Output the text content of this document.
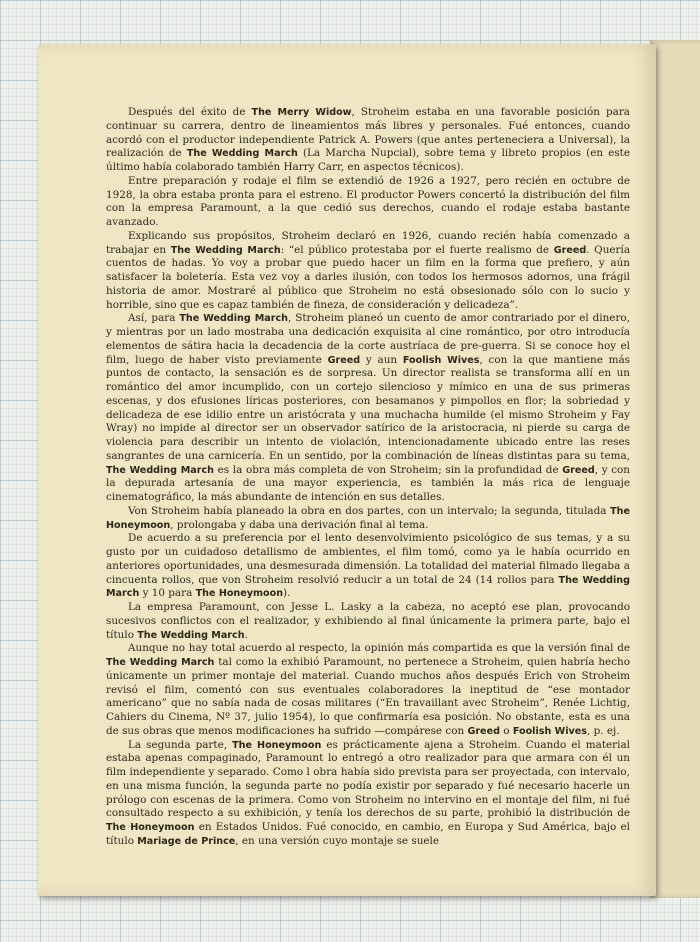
Después del éxito de The Merry Widow, Stroheim estaba en una favorable posición para continuar su carrera, dentro de lineamientos más libres y personales. Fué entonces, cuando acordó con el productor independiente Patrick A. Powers (que antes perteneciera a Universal), la realización de The Wedding March (La Marcha Nupcial), sobre tema y libreto propios (en este último había colaborado también Harry Carr, en aspectos técnicos).

Entre preparación y rodaje el film se extendió de 1926 a 1927, pero recién en octubre de 1928, la obra estaba pronta para el estreno. El productor Powers concertó la distribución del film con la empresa Paramount, a la que cedió sus derechos, cuando el rodaje estaba bastante avanzado.

Explicando sus propósitos, Stroheim declaró en 1926, cuando recién había comenzado a trabajar en The Wedding March: “el público protestaba por el fuerte realismo de Greed. Quería cuentos de hadas. Yo voy a probar que puedo hacer un film en la forma que prefiero, y aún satisfacer la boletería. Esta vez voy a darles ilusión, con todos los hermosos adornos, una frágil historia de amor. Mostraré al público que Stroheim no está obsesionado sólo con lo sucio y horrible, sino que es capaz también de fineza, de consideración y delicadeza”.

Así, para The Wedding March, Stroheim planeó un cuento de amor contrariado por el dinero, y mientras por un lado mostraba una dedicación exquisita al cine romántico, por otro introducía elementos de sátira hacia la decadencia de la corte austríaca de pre-guerra. Si se conoce hoy el film, luego de haber visto previamente Greed y aun Foolish Wives, con la que mantiene más puntos de contacto, la sensación es de sorpresa. Un director realista se transforma allí en un romántico del amor incumplido, con un cortejo silencioso y mímico en una de sus primeras escenas, y dos efusiones líricas posteriores, con besamanos y pimpollos en flor; la sobriedad y delicadeza de ese idilio entre un aristócrata y una muchacha humilde (el mismo Stroheim y Fay Wray) no impide al director ser un observador satírico de la aristocracia, ni pierde su carga de violencia para describir un intento de violación, intencionadamente ubicado entre las reses sangrantes de una carnicería. En un sentido, por la combinación de líneas distintas para su tema, The Wedding March es la obra más completa de von Stroheim; sin la profundidad de Greed, y con la depurada artesanía de una mayor experiencia, es también la más rica de lenguaje cinematográfico, la más abundante de intención en sus detalles.

Von Stroheim había planeado la obra en dos partes, con un intervalo; la segunda, titulada The Honeymoon, prolongaba y daba una derivación final al tema.

De acuerdo a su preferencia por el lento desenvolvimiento psicológico de sus temas, y a su gusto por un cuidadoso detallismo de ambientes, el film tomó, como ya le había ocurrido en anteriores oportunidades, una desmesurada dimensión. La totalidad del material filmado llegaba a cincuenta rollos, que von Stroheim resolvió reducir a un total de 24 (14 rollos para The Wedding March y 10 para The Honeymoon).

La empresa Paramount, con Jesse L. Lasky a la cabeza, no aceptó ese plan, provocando sucesivos conflictos con el realizador, y exhibiendo al final únicamente la primera parte, bajo el título The Wedding March.

Aunque no hay total acuerdo al respecto, la opinión más compartida es que la versión final de The Wedding March tal como la exhibió Paramount, no pertenece a Stroheim, quien habría hecho únicamente un primer montaje del material. Cuando muchos años después Erich von Stroheim revisó el film, comentó con sus eventuales colaboradores la ineptitud de “ese montador americano” que no sabía nada de cosas militares (“En travaillant avec Stroheim”, Renée Lichtig, Cahiers du Cinema, Nº 37, julio 1954), lo que confirmaría esa posición. No obstante, esta es una de sus obras que menos modificaciones ha sufrido —compárese con Greed o Foolish Wives, p. ej.

La segunda parte, The Honeymoon es prácticamente ajena a Stroheim. Cuando el material estaba apenas compaginado, Paramount lo entregó a otro realizador para que armara con él un film independiente y separado. Como l obra había sido prevista para ser proyectada, con intervalo, en una misma función, la segunda parte no podía existir por separado y fué necesario hacerle un prólogo con escenas de la primera. Como von Stroheim no intervino en el montaje del film, ni fué consultado respecto a su exhibición, y tenía los derechos de su parte, prohibió la distribución de The Honeymoon en Estados Unidos. Fué conocido, en cambio, en Europa y Sud América, bajo el título Mariage de Prince, en una versión cuyo montaje se suele
